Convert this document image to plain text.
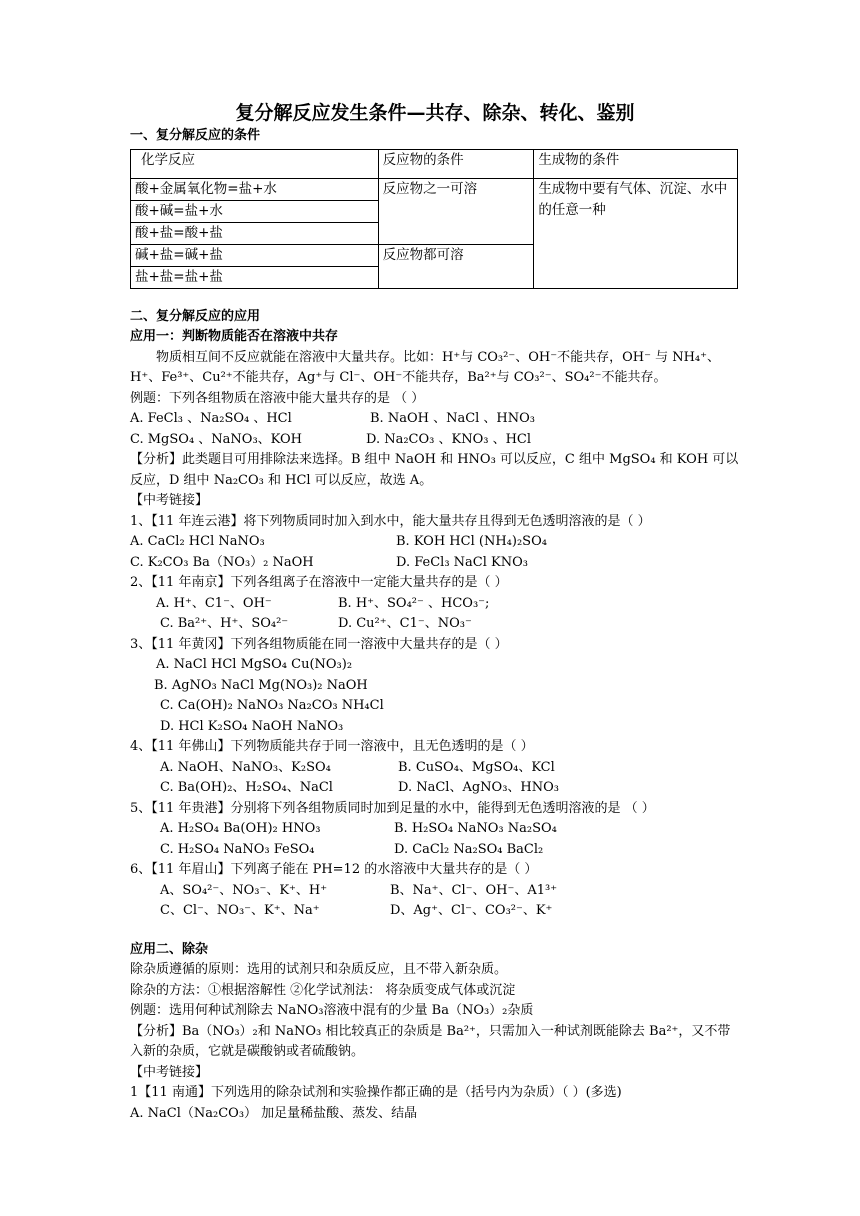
复分解反应发生条件—共存、除杂、转化、鉴别
一、复分解反应的条件
化学反应	反应物的条件	生成物的条件
酸+金属氧化物=盐+水	反应物之一可溶	生成物中要有气体、沉淀、水中的任意一种
酸+碱=盐+水		
酸+盐=酸+盐		
碱+盐=碱+盐	反应物都可溶	
盐+盐=盐+盐		
二、复分解反应的应用
应用一：判断物质能否在溶液中共存
物质相互间不反应就能在溶液中大量共存。比如：H⁺与 CO₃²⁻、OH⁻不能共存，OH⁻ 与 NH₄⁺、H⁺、Fe³⁺、Cu²⁺不能共存，Ag⁺与 Cl⁻、OH⁻不能共存，Ba²⁺与 CO₃²⁻、SO₄²⁻不能共存。
例题：下列各组物质在溶液中能大量共存的是 （ ）
A. FeCl₃ 、Na₂SO₄ 、HCl	B. NaOH 、NaCl 、HNO₃
C. MgSO₄ 、NaNO₃、KOH	D. Na₂CO₃ 、KNO₃ 、HCl
【分析】此类题目可用排除法来选择。B 组中 NaOH 和 HNO₃ 可以反应，C 组中 MgSO₄ 和 KOH 可以反应，D 组中 Na₂CO₃ 和 HCl 可以反应，故选 A。
【中考链接】
1、【11 年连云港】将下列物质同时加入到水中，能大量共存且得到无色透明溶液的是（ ）
A. CaCl₂ HCl NaNO₃	B. KOH HCl (NH₄)₂SO₄
C. K₂CO₃ Ba（NO₃）₂ NaOH	D. FeCl₃ NaCl KNO₃
2、【11 年南京】下列各组离子在溶液中一定能大量共存的是（ ）
A. H⁺、C1⁻、OH⁻	B. H⁺、SO₄²⁻ 、HCO₃⁻;
C. Ba²⁺、H⁺、SO₄²⁻	D. Cu²⁺、C1⁻、NO₃⁻
3、【11 年黄冈】下列各组物质能在同一溶液中大量共存的是（ ）
A. NaCl HCl MgSO₄ Cu(NO₃)₂
B. AgNO₃ NaCl Mg(NO₃)₂ NaOH
C. Ca(OH)₂ NaNO₃ Na₂CO₃ NH₄Cl
D. HCl K₂SO₄ NaOH NaNO₃
4、【11 年佛山】下列物质能共存于同一溶液中，且无色透明的是（ ）
A. NaOH、NaNO₃、K₂SO₄	B. CuSO₄、MgSO₄、KCl
C. Ba(OH)₂、H₂SO₄、NaCl	D. NaCl、AgNO₃、HNO₃
5、【11 年贵港】分别将下列各组物质同时加到足量的水中，能得到无色透明溶液的是 （ ）
A. H₂SO₄ Ba(OH)₂ HNO₃	B. H₂SO₄ NaNO₃ Na₂SO₄
C. H₂SO₄ NaNO₃ FeSO₄	D. CaCl₂ Na₂SO₄ BaCl₂
6、【11 年眉山】下列离子能在 PH=12 的水溶液中大量共存的是（ ）
A、SO₄²⁻、NO₃⁻、K⁺、H⁺	B、Na⁺、Cl⁻、OH⁻、A1³⁺
C、Cl⁻、NO₃⁻、K⁺、Na⁺	D、Ag⁺、Cl⁻、CO₃²⁻、K⁺
应用二、除杂
除杂质遵循的原则：选用的试剂只和杂质反应，且不带入新杂质。
除杂的方法：①根据溶解性 ②化学试剂法： 将杂质变成气体或沉淀
例题：选用何种试剂除去 NaNO₃溶液中混有的少量 Ba（NO₃）₂杂质
【分析】Ba（NO₃）₂和 NaNO₃ 相比较真正的杂质是 Ba²⁺，只需加入一种试剂既能除去 Ba²⁺，又不带入新的杂质，它就是碳酸钠或者硫酸钠。
【中考链接】
1【11 南通】下列选用的除杂试剂和实验操作都正确的是（括号内为杂质）（ ）(多选)
A. NaCl（Na₂CO₃） 加足量稀盐酸、蒸发、结晶
